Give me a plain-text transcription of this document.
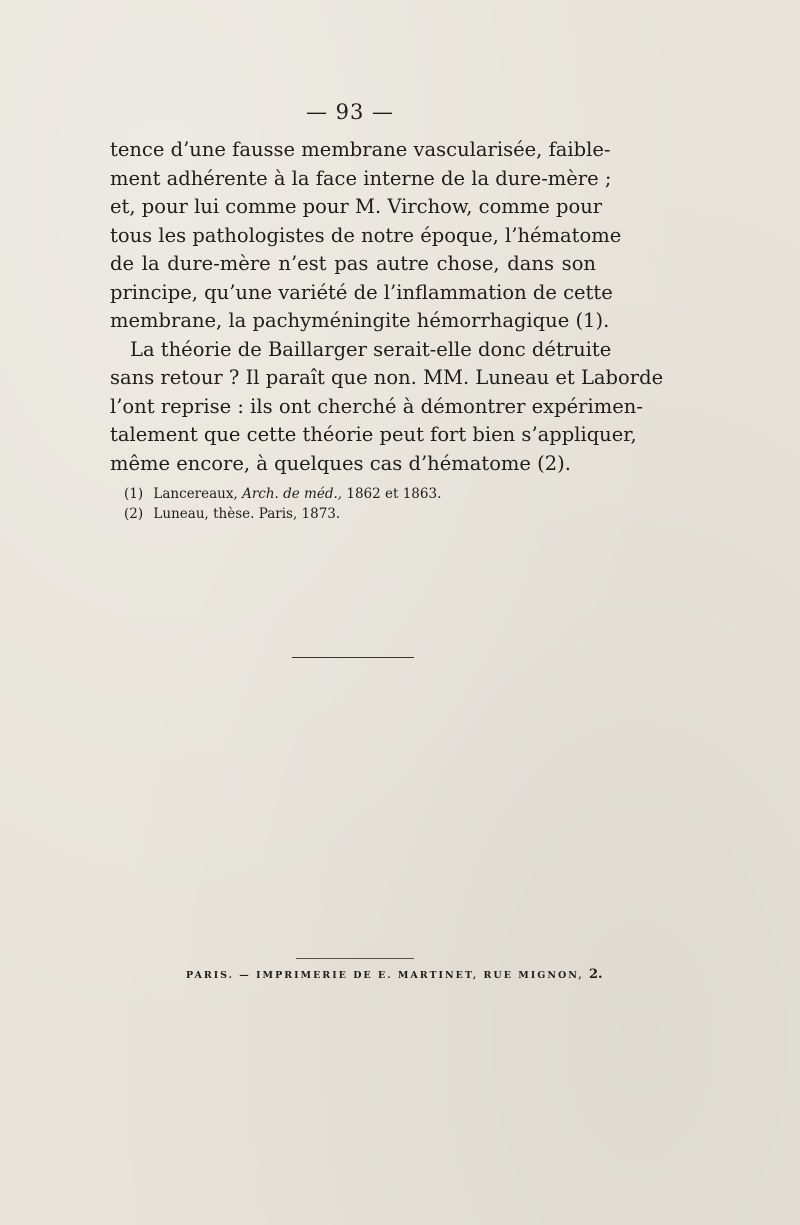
— 93 —
tence d’une fausse membrane vascularisée, faible-
ment adhérente à la face interne de la dure-mère ;
et, pour lui comme pour M. Virchow, comme pour
tous les pathologistes de notre époque, l’hématome
de la dure-mère n’est pas autre chose, dans son
principe, qu’une variété de l’inflammation de cette
membrane, la pachyméningite hémorrhagique (1).
La théorie de Baillarger serait-elle donc détruite
sans retour ? Il paraît que non. MM. Luneau et Laborde
l’ont reprise : ils ont cherché à démontrer expérimen-
talement que cette théorie peut fort bien s’appliquer,
même encore, à quelques cas d’hématome (2).
(1) Lancereaux, Arch. de méd., 1862 et 1863.
(2) Luneau, thèse. Paris, 1873.
PARIS. — IMPRIMERIE DE E. MARTINET, RUE MIGNON, 2.
